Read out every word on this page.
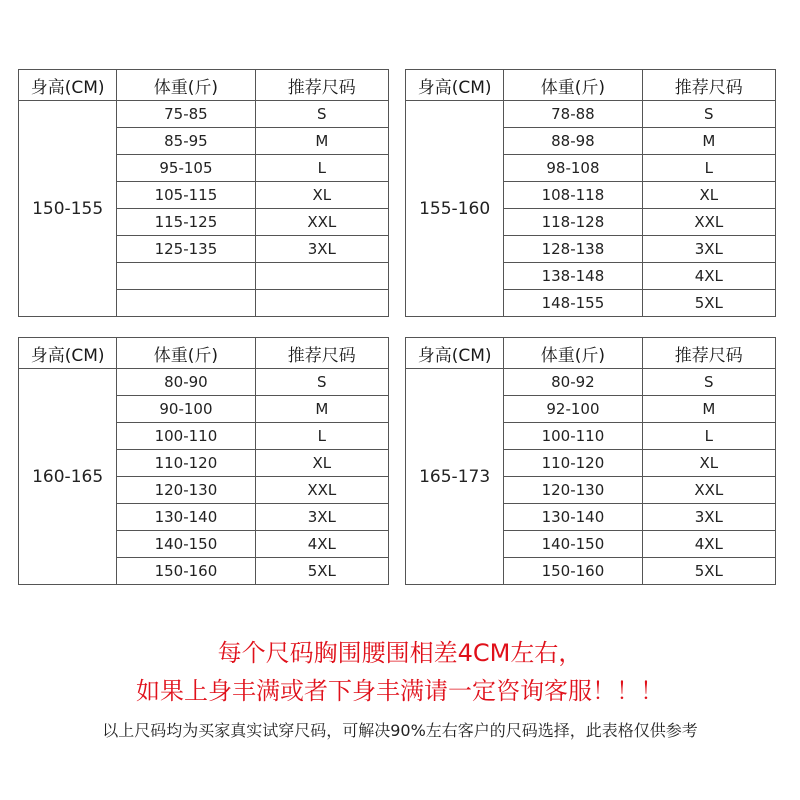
身高(CM)	体重(斤)	推荐尺码
150-155	75-85	S
	85-95	M
	95-105	L
	105-115	XL
	115-125	XXL
	125-135	3XL

身高(CM)	体重(斤)	推荐尺码
155-160	78-88	S
	88-98	M
	98-108	L
	108-118	XL
	118-128	XXL
	128-138	3XL
	138-148	4XL
	148-155	5XL
身高(CM)	体重(斤)	推荐尺码
160-165	80-90	S
	90-100	M
	100-110	L
	110-120	XL
	120-130	XXL
	130-140	3XL
	140-150	4XL
	150-160	5XL
身高(CM)	体重(斤)	推荐尺码
165-173	80-92	S
	92-100	M
	100-110	L
	110-120	XL
	120-130	XXL
	130-140	3XL
	140-150	4XL
	150-160	5XL
每个尺码胸围腰围相差4CM左右，
如果上身丰满或者下身丰满请一定咨询客服！！！
以上尺码均为买家真实试穿尺码，可解决90%左右客户的尺码选择，此表格仅供参考
